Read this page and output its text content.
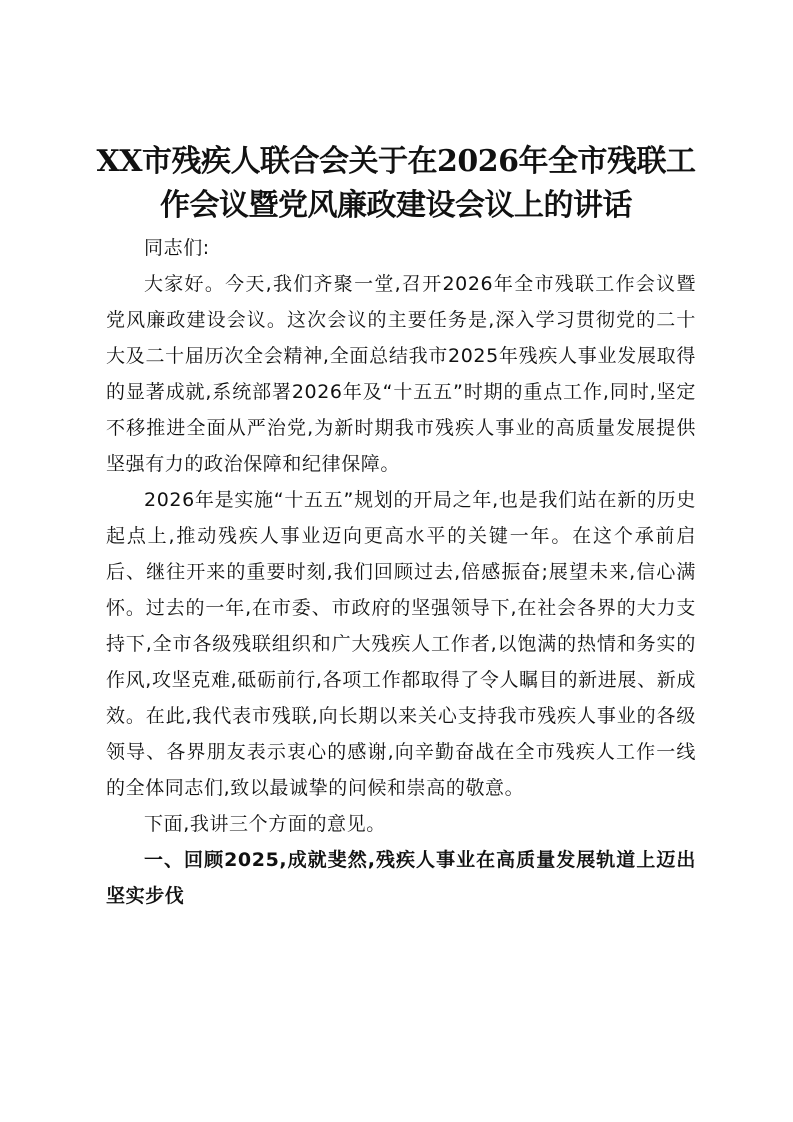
XX市残疾人联合会关于在2026年全市残联工
作会议暨党风廉政建设会议上的讲话

同志们:

大家好。今天,我们齐聚一堂,召开2026年全市残联工作会议暨党风廉政建设会议。这次会议的主要任务是,深入学习贯彻党的二十大及二十届历次全会精神,全面总结我市2025年残疾人事业发展取得的显著成就,系统部署2026年及“十五五”时期的重点工作,同时,坚定不移推进全面从严治党,为新时期我市残疾人事业的高质量发展提供坚强有力的政治保障和纪律保障。

2026年是实施“十五五”规划的开局之年,也是我们站在新的历史起点上,推动残疾人事业迈向更高水平的关键一年。在这个承前启后、继往开来的重要时刻,我们回顾过去,倍感振奋;展望未来,信心满怀。过去的一年,在市委、市政府的坚强领导下,在社会各界的大力支持下,全市各级残联组织和广大残疾人工作者,以饱满的热情和务实的作风,攻坚克难,砥砺前行,各项工作都取得了令人瞩目的新进展、新成效。在此,我代表市残联,向长期以来关心支持我市残疾人事业的各级领导、各界朋友表示衷心的感谢,向辛勤奋战在全市残疾人工作一线的全体同志们,致以最诚挚的问候和崇高的敬意。

下面,我讲三个方面的意见。

一、回顾2025,成就斐然,残疾人事业在高质量发展轨道上迈出坚实步伐
